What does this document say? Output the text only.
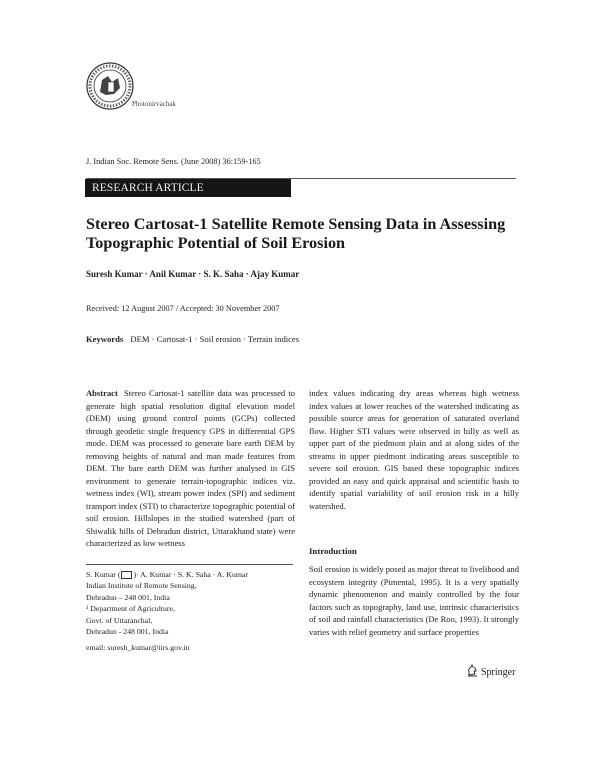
Photonirvachak
J. Indian Soc. Remote Sens. (June 2008) 36:159-165
RESEARCH ARTICLE
Stereo Cartosat-1 Satellite Remote Sensing Data in Assessing
Topographic Potential of Soil Erosion
Suresh Kumar · Anil Kumar · S. K. Saha · Ajay Kumar
Received: 12 August 2007 / Accepted: 30 November 2007
Keywords DEM · Cartosat-1 · Soil erosion · Terrain indices
Abstract Stereo Cartosat-1 satellite data was processed to generate high spatial resolution digital elevation model (DEM) using ground control points (GCPs) collected through geodetic single frequency GPS in differential GPS mode. DEM was processed to generate bare earth DEM by removing heights of natural and man made features from DEM. The bare earth DEM was further analysed in GIS environment to generate terrain-topographic indices viz. wetness index (WI), stream power index (SPI) and sediment transport index (STI) to characterize topographic potential of soil erosion. Hillslopes in the studied watershed (part of Shiwalik hills of Dehradun district, Uttarakhand state) were characterized as low wetness
index values indicating dry areas whereas high wetness index values at lower reaches of the watershed indicating as possible source areas for generation of saturated overland flow. Higher STI values were observed in hilly as well as upper part of the piedmont plain and at along sides of the streams in upper piedmont indicating areas susceptible to severe soil erosion. GIS based these topographic indices provided an easy and quick appraisal and scientific basis to identify spatial variability of soil erosion risk in a hilly watershed.
Introduction
Soil erosion is widely posed as major threat to livelihood and ecosystem integrity (Pimental, 1995). It is a very spatially dynamic phenomenon and mainly controlled by the four factors such as topography, land use, intrinsic characteristics of soil and rainfall characteristics (De Roo, 1993). It strongly varies with relief geometry and surface properties
S. Kumar ( )· A. Kumar · S. K. Saha · A. Kumar
Indian Institute of Remote Sensing,
Dehradun – 248 001, India
¹ Department of Agriculture,
Govt. of Uttaranchal,
Dehradun - 248 001, India
email: suresh_kumar@iirs.gov.in
Springer
